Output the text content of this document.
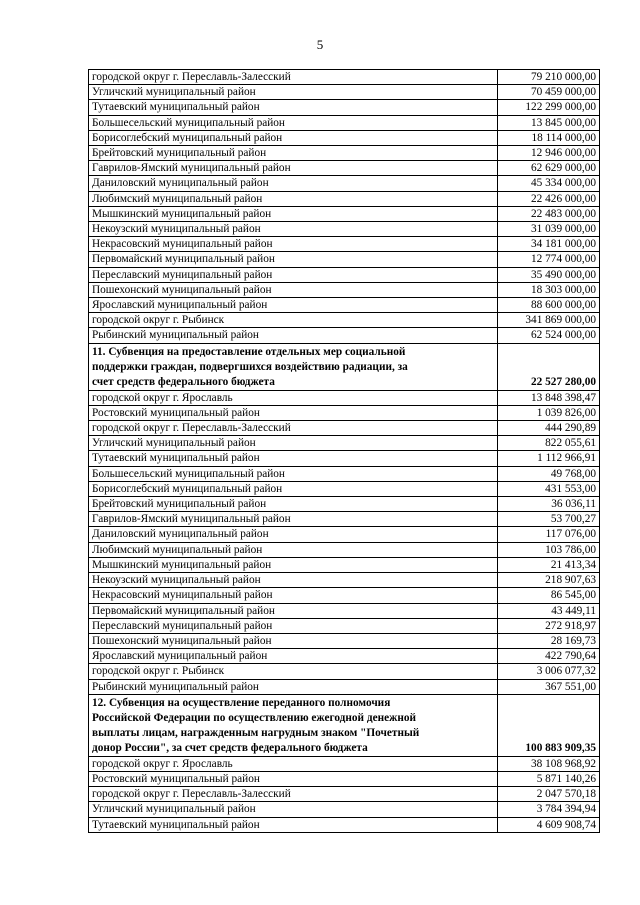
5
городской округ г. Переславль-Залесский	79 210 000,00
Угличский муниципальный район	70 459 000,00
Тутаевский муниципальный район	122 299 000,00
Большесельский муниципальный район	13 845 000,00
Борисоглебский муниципальный район	18 114 000,00
Брейтовский муниципальный район	12 946 000,00
Гаврилов-Ямский муниципальный район	62 629 000,00
Даниловский муниципальный район	45 334 000,00
Любимский муниципальный район	22 426 000,00
Мышкинский муниципальный район	22 483 000,00
Некоузский муниципальный район	31 039 000,00
Некрасовский муниципальный район	34 181 000,00
Первомайский муниципальный район	12 774 000,00
Переславский муниципальный район	35 490 000,00
Пошехонский муниципальный район	18 303 000,00
Ярославский муниципальный район	88 600 000,00
городской округ г. Рыбинск	341 869 000,00
Рыбинский муниципальный район	62 524 000,00

11. Субвенция на предоставление отдельных мер социальной
поддержки граждан, подвергшихся воздействию радиации, за
счет средств федерального бюджета	22 527 280,00
городской округ г. Ярославль	13 848 398,47
Ростовский муниципальный район	1 039 826,00
городской округ г. Переславль-Залесский	444 290,89
Угличский муниципальный район	822 055,61
Тутаевский муниципальный район	1 112 966,91
Большесельский муниципальный район	49 768,00
Борисоглебский муниципальный район	431 553,00
Брейтовский муниципальный район	36 036,11
Гаврилов-Ямский муниципальный район	53 700,27
Даниловский муниципальный район	117 076,00
Любимский муниципальный район	103 786,00
Мышкинский муниципальный район	21 413,34
Некоузский муниципальный район	218 907,63
Некрасовский муниципальный район	86 545,00
Первомайский муниципальный район	43 449,11
Переславский муниципальный район	272 918,97
Пошехонский муниципальный район	28 169,73
Ярославский муниципальный район	422 790,64
городской округ г. Рыбинск	3 006 077,32
Рыбинский муниципальный район	367 551,00

12. Субвенция на осуществление переданного полномочия
Российской Федерации по осуществлению ежегодной денежной
выплаты лицам, награжденным нагрудным знаком "Почетный
донор России", за счет средств федерального бюджета	100 883 909,35
городской округ г. Ярославль	38 108 968,92
Ростовский муниципальный район	5 871 140,26
городской округ г. Переславль-Залесский	2 047 570,18
Угличский муниципальный район	3 784 394,94
Тутаевский муниципальный район	4 609 908,74
